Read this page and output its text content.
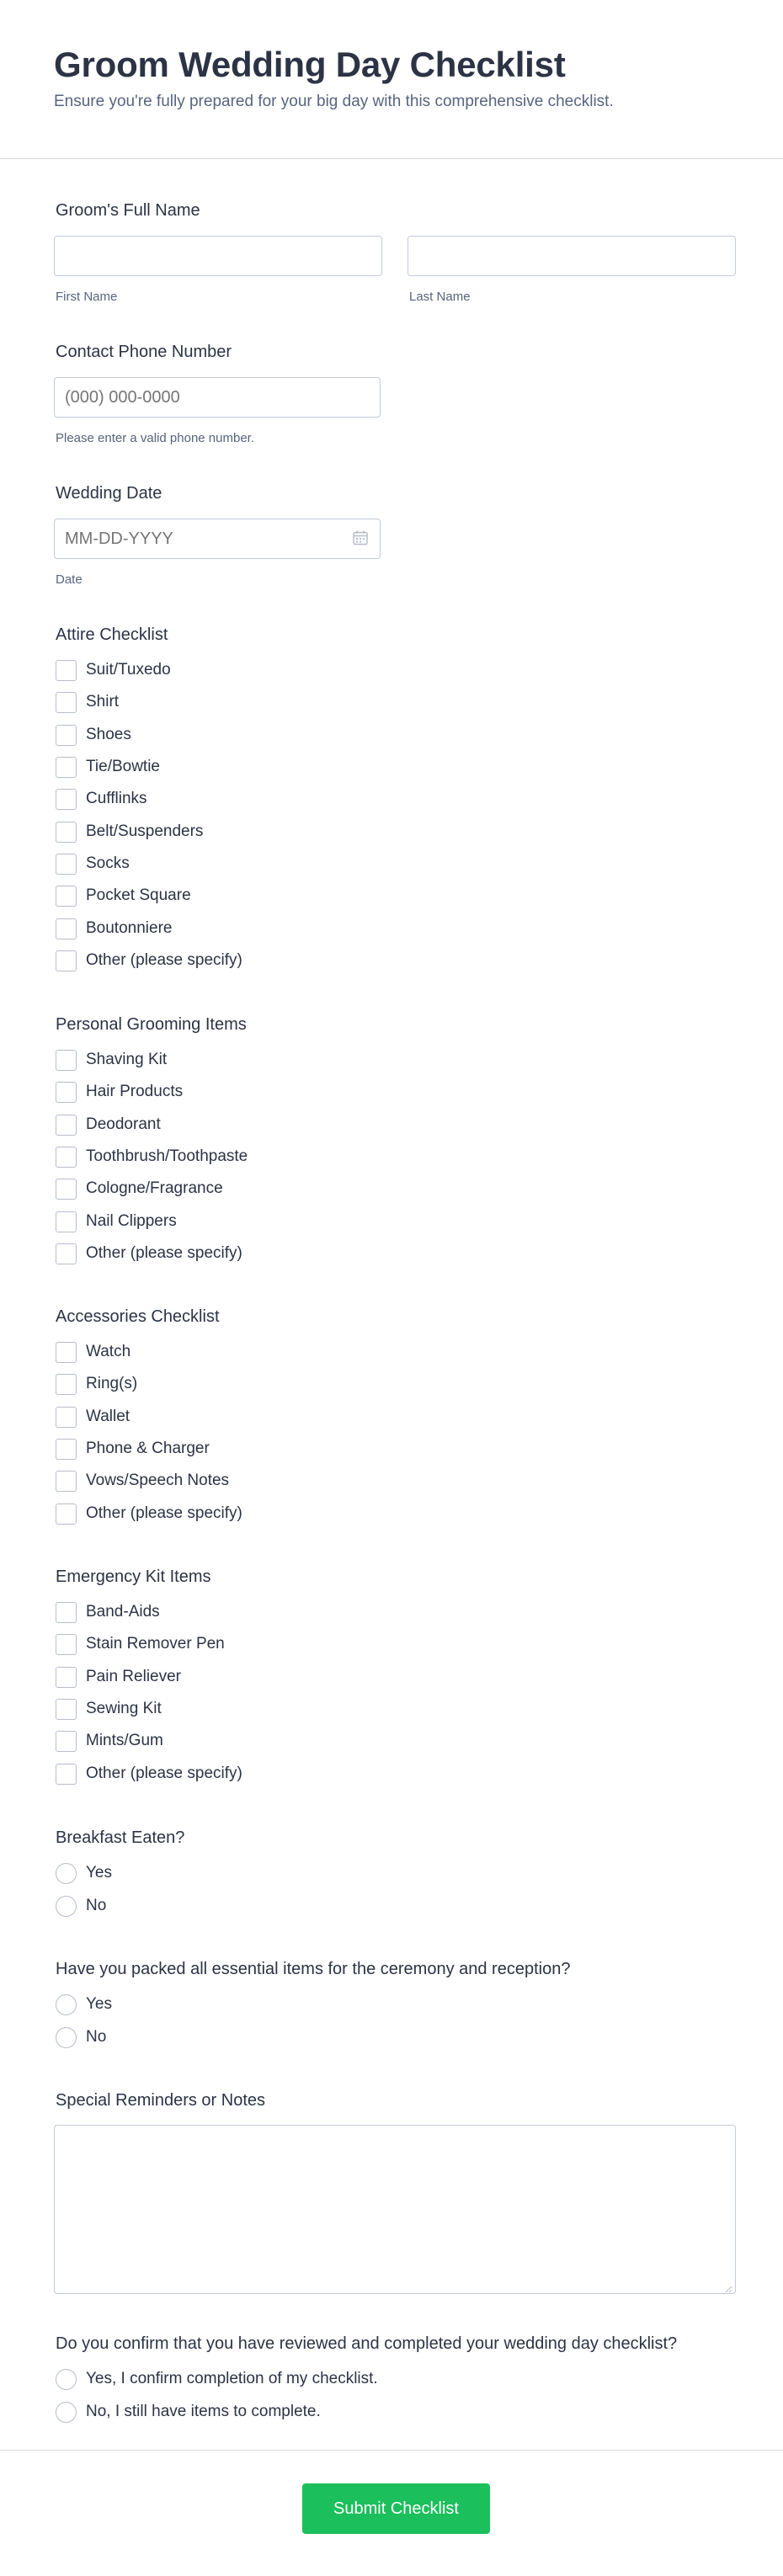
Groom Wedding Day Checklist
Ensure you're fully prepared for your big day with this comprehensive checklist.
Groom's Full Name
First Name	Last Name
Contact Phone Number
(000) 000-0000
Please enter a valid phone number.
Wedding Date
MM-DD-YYYY
Date
Attire Checklist
Suit/Tuxedo
Shirt
Shoes
Tie/Bowtie
Cufflinks
Belt/Suspenders
Socks
Pocket Square
Boutonniere
Other (please specify)
Personal Grooming Items
Shaving Kit
Hair Products
Deodorant
Toothbrush/Toothpaste
Cologne/Fragrance
Nail Clippers
Other (please specify)
Accessories Checklist
Watch
Ring(s)
Wallet
Phone & Charger
Vows/Speech Notes
Other (please specify)
Emergency Kit Items
Band-Aids
Stain Remover Pen
Pain Reliever
Sewing Kit
Mints/Gum
Other (please specify)
Breakfast Eaten?
Yes
No
Have you packed all essential items for the ceremony and reception?
Yes
No
Special Reminders or Notes
Do you confirm that you have reviewed and completed your wedding day checklist?
Yes, I confirm completion of my checklist.
No, I still have items to complete.
Submit Checklist
